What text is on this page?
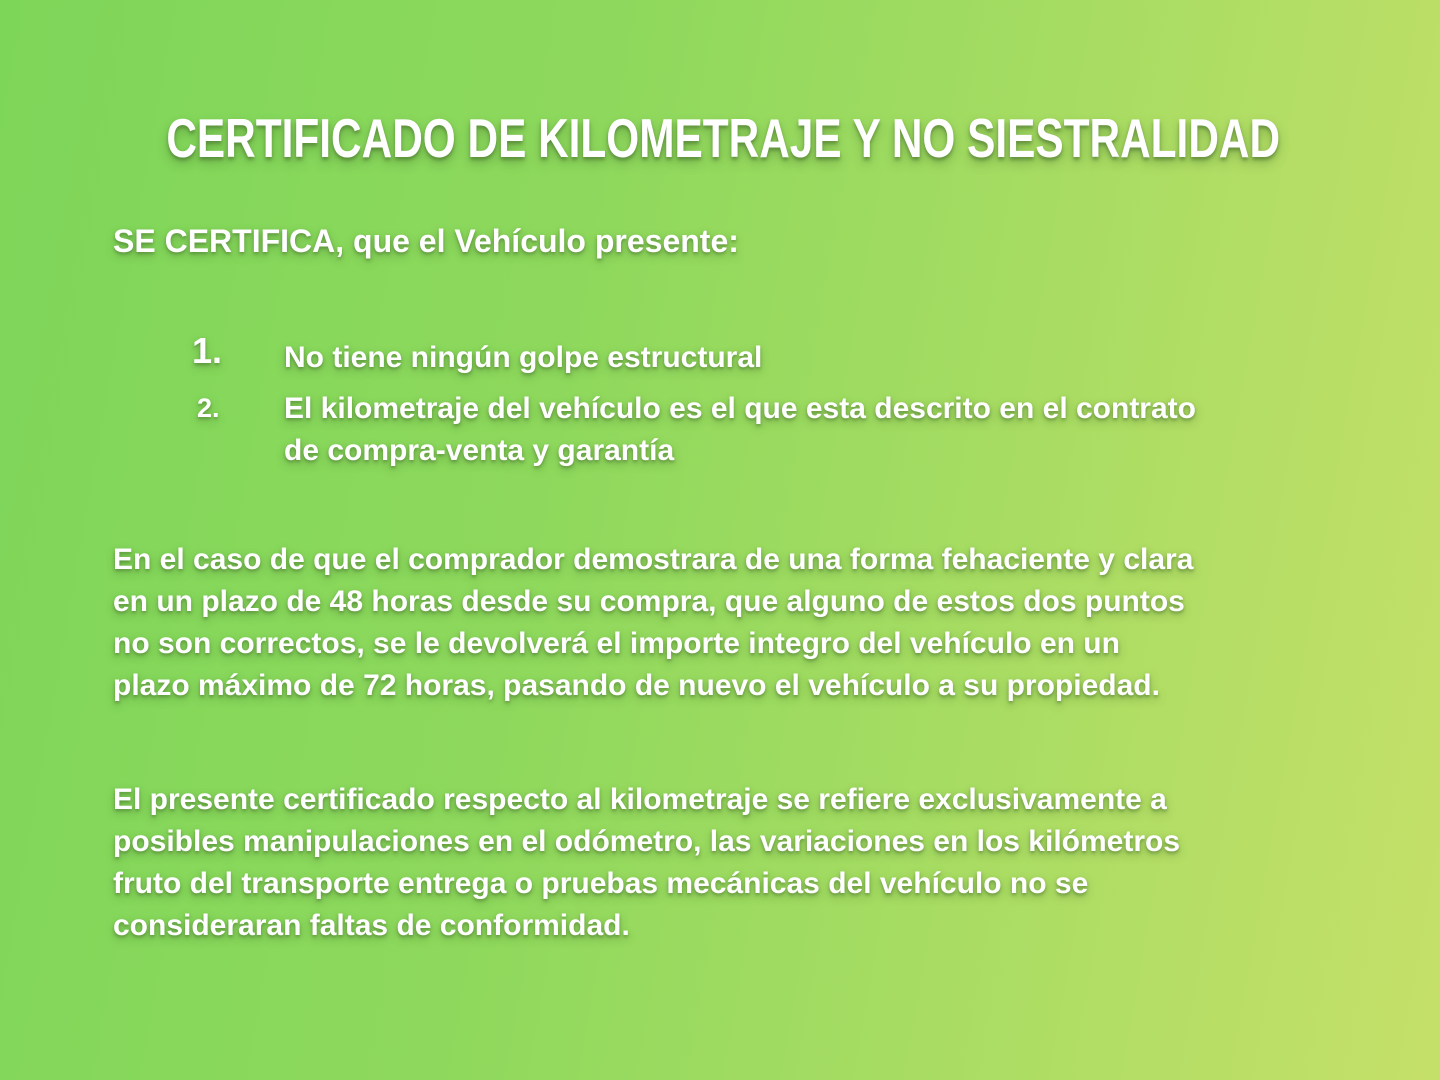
CERTIFICADO DE KILOMETRAJE Y NO SIESTRALIDAD
SE CERTIFICA, que el Vehículo presente:
1. No tiene ningún golpe estructural
2. El kilometraje del vehículo es el que esta descrito en el contrato
de compra-venta y garantía
En el caso de que el comprador demostrara de una forma fehaciente y clara
en un plazo de 48 horas desde su compra, que alguno de estos dos puntos
no son correctos, se le devolverá el importe integro del vehículo en un
plazo máximo de 72 horas, pasando de nuevo el vehículo a su propiedad.
El presente certificado respecto al kilometraje se refiere exclusivamente a
posibles manipulaciones en el odómetro, las variaciones en los kilómetros
fruto del transporte entrega o pruebas mecánicas del vehículo no se
consideraran faltas de conformidad.
